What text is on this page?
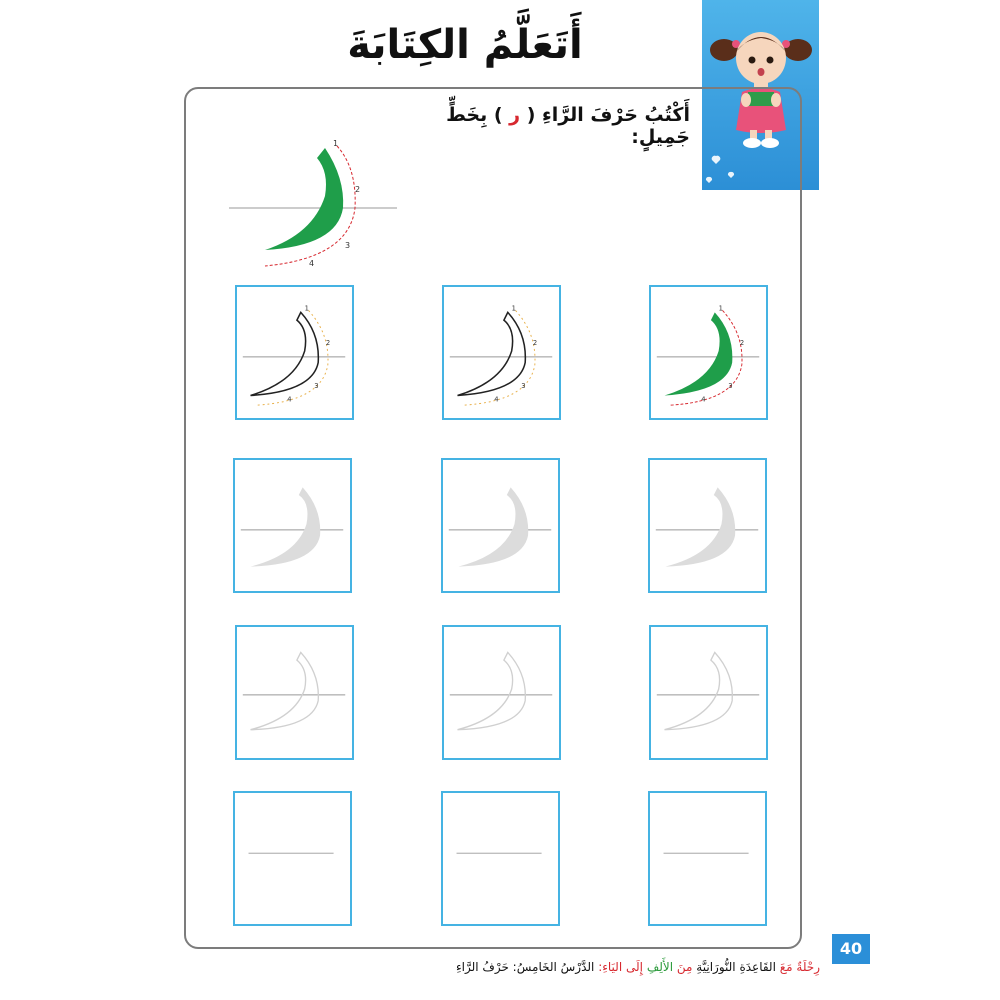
أَتَعَلَّمُ الكِتَابَةَ
أَكْتُبُ حَرْفَ الرَّاءِ ( ر ) بِخَطٍّ جَمِيلٍ:
1
2
3
4
1
2
3
4
1
2
3
4
1
2
3
4
40
رِحْلَةٌ مَعَ القَاعِدَةِ النُّورَانِيَّةِ مِنَ الأَلِفِ إِلَى اليَاءِ: الدَّرْسُ الخَامِسُ: حَرْفُ الرَّاءِ
